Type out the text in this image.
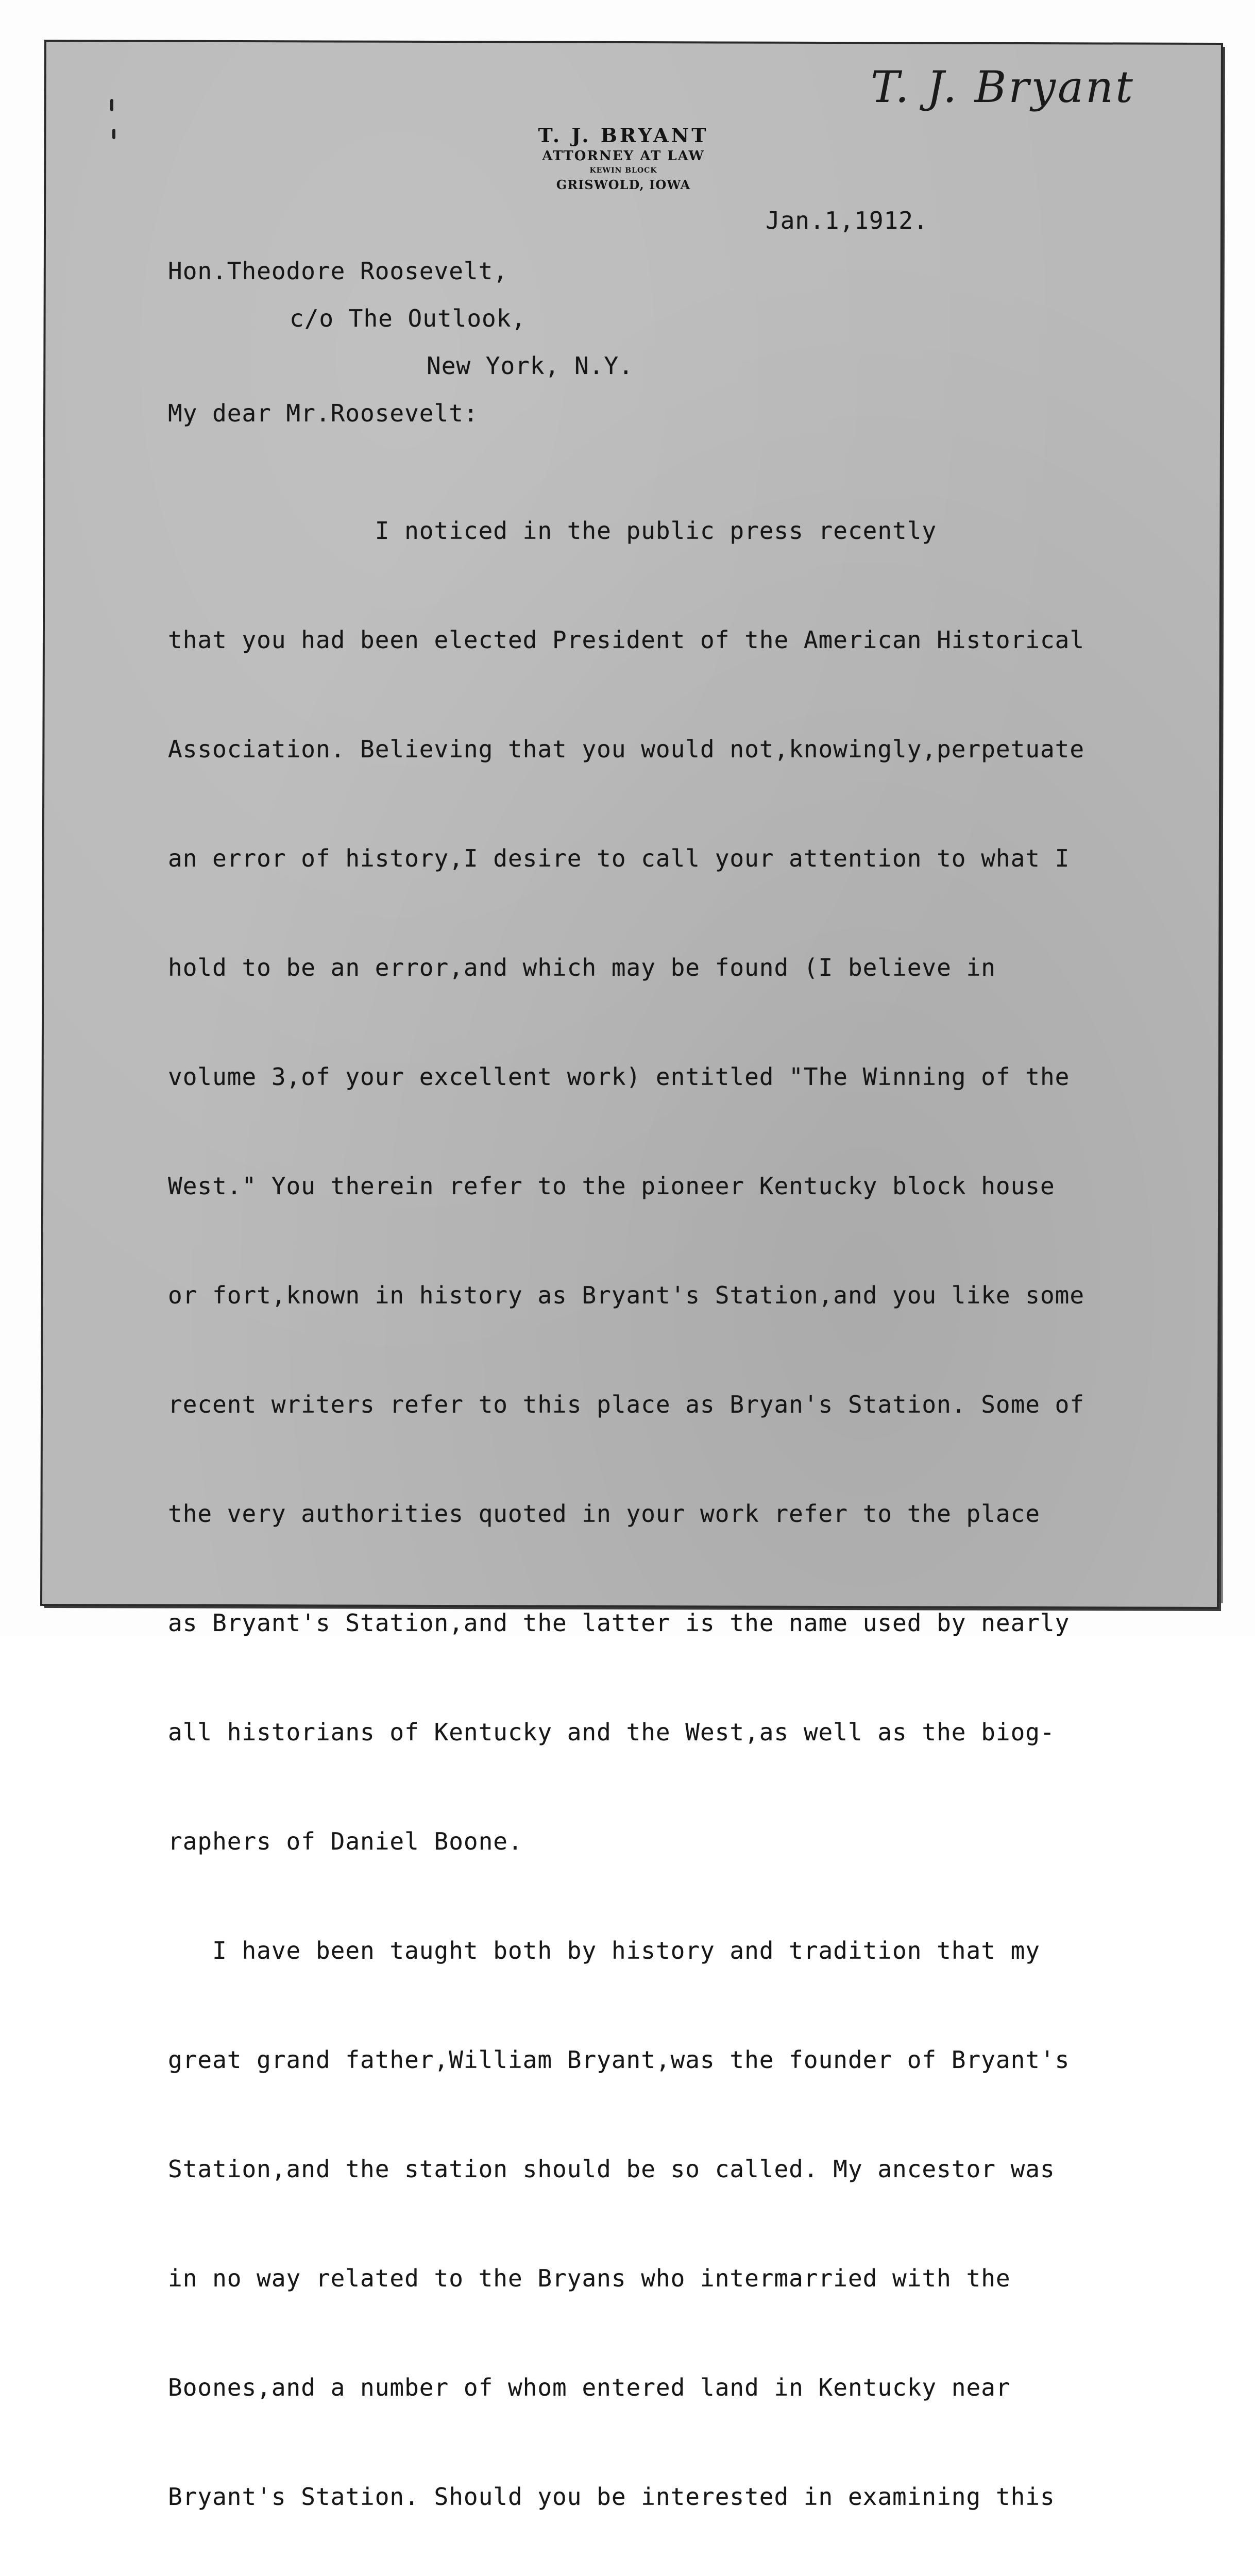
T. J. Bryant
T. J. BRYANT
ATTORNEY AT LAW
KEWIN BLOCK
GRISWOLD, IOWA
Jan.1,1912.
Hon.Theodore Roosevelt,
c/o The Outlook,
New York, N.Y.
My dear Mr.Roosevelt:

I noticed in the public press recently

that you had been elected President of the American Historical

Association. Believing that you would not,knowingly,perpetuate

an error of history,I desire to call your attention to what I

hold to be an error,and which may be found (I believe in

volume 3,of your excellent work) entitled "The Winning of the

West." You therein refer to the pioneer Kentucky block house

or fort,known in history as Bryant's Station,and you like some

recent writers refer to this place as Bryan's Station. Some of

the very authorities quoted in your work refer to the place

as Bryant's Station,and the latter is the name used by nearly

all historians of Kentucky and the West,as well as the biog-

raphers of Daniel Boone.

I have been taught both by history and tradition that my

great grand father,William Bryant,was the founder of Bryant's

Station,and the station should be so called. My ancestor was

in no way related to the Bryans who intermarried with the

Boones,and a number of whom entered land in Kentucky near

Bryant's Station. Should you be interested in examining this
